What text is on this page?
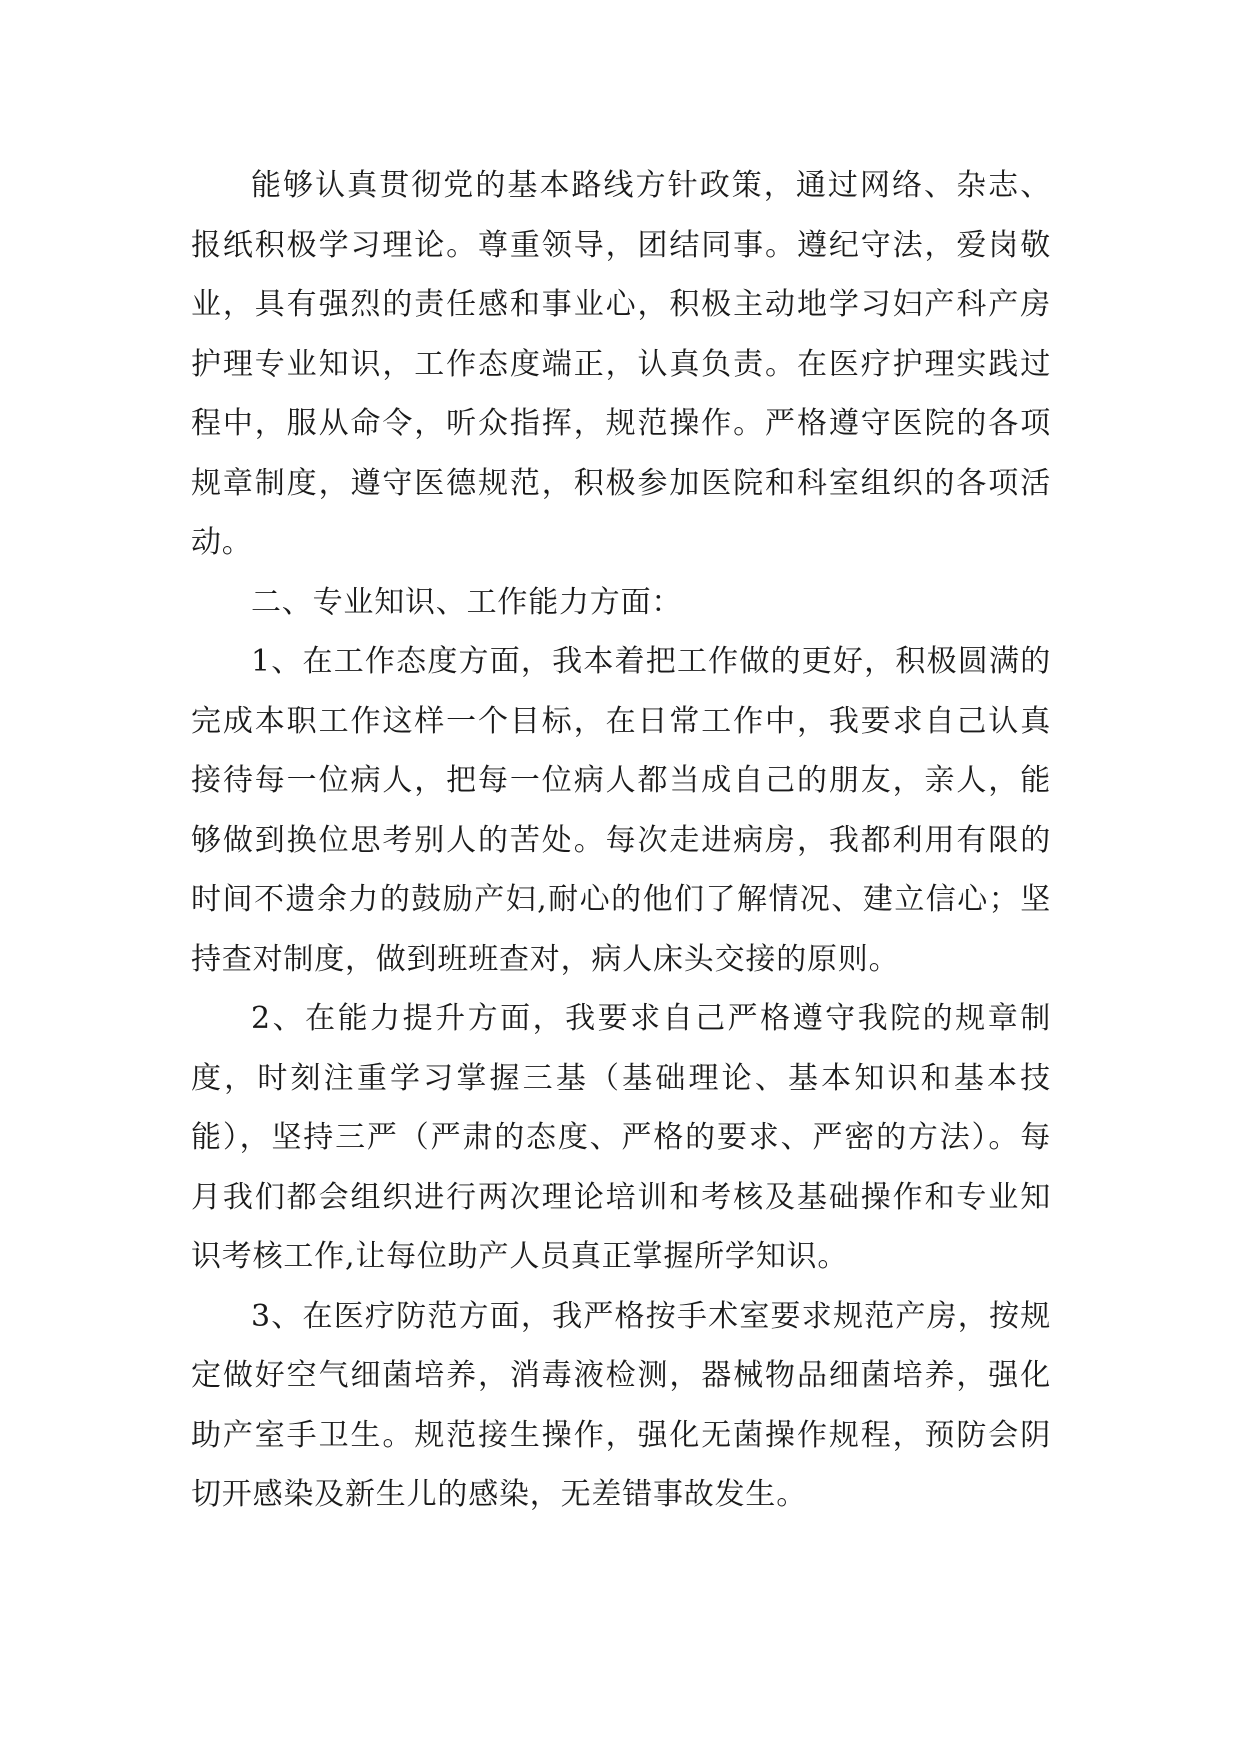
能够认真贯彻党的基本路线方针政策，通过网络、杂志、报纸积极学习理论。尊重领导，团结同事。遵纪守法，爱岗敬业，具有强烈的责任感和事业心，积极主动地学习妇产科产房护理专业知识，工作态度端正，认真负责。在医疗护理实践过程中，服从命令，听众指挥，规范操作。严格遵守医院的各项规章制度，遵守医德规范，积极参加医院和科室组织的各项活动。

二、专业知识、工作能力方面：

1、在工作态度方面，我本着把工作做的更好，积极圆满的完成本职工作这样一个目标，在日常工作中，我要求自己认真接待每一位病人，把每一位病人都当成自己的朋友，亲人，能够做到换位思考别人的苦处。每次走进病房，我都利用有限的时间不遗余力的鼓励产妇,耐心的他们了解情况、建立信心；坚持查对制度，做到班班查对，病人床头交接的原则。

2、在能力提升方面，我要求自己严格遵守我院的规章制度，时刻注重学习掌握三基（基础理论、基本知识和基本技能），坚持三严（严肃的态度、严格的要求、严密的方法）。每月我们都会组织进行两次理论培训和考核及基础操作和专业知识考核工作,让每位助产人员真正掌握所学知识。

3、在医疗防范方面，我严格按手术室要求规范产房，按规定做好空气细菌培养，消毒液检测，器械物品细菌培养，强化助产室手卫生。规范接生操作，强化无菌操作规程，预防会阴切开感染及新生儿的感染，无差错事故发生。
